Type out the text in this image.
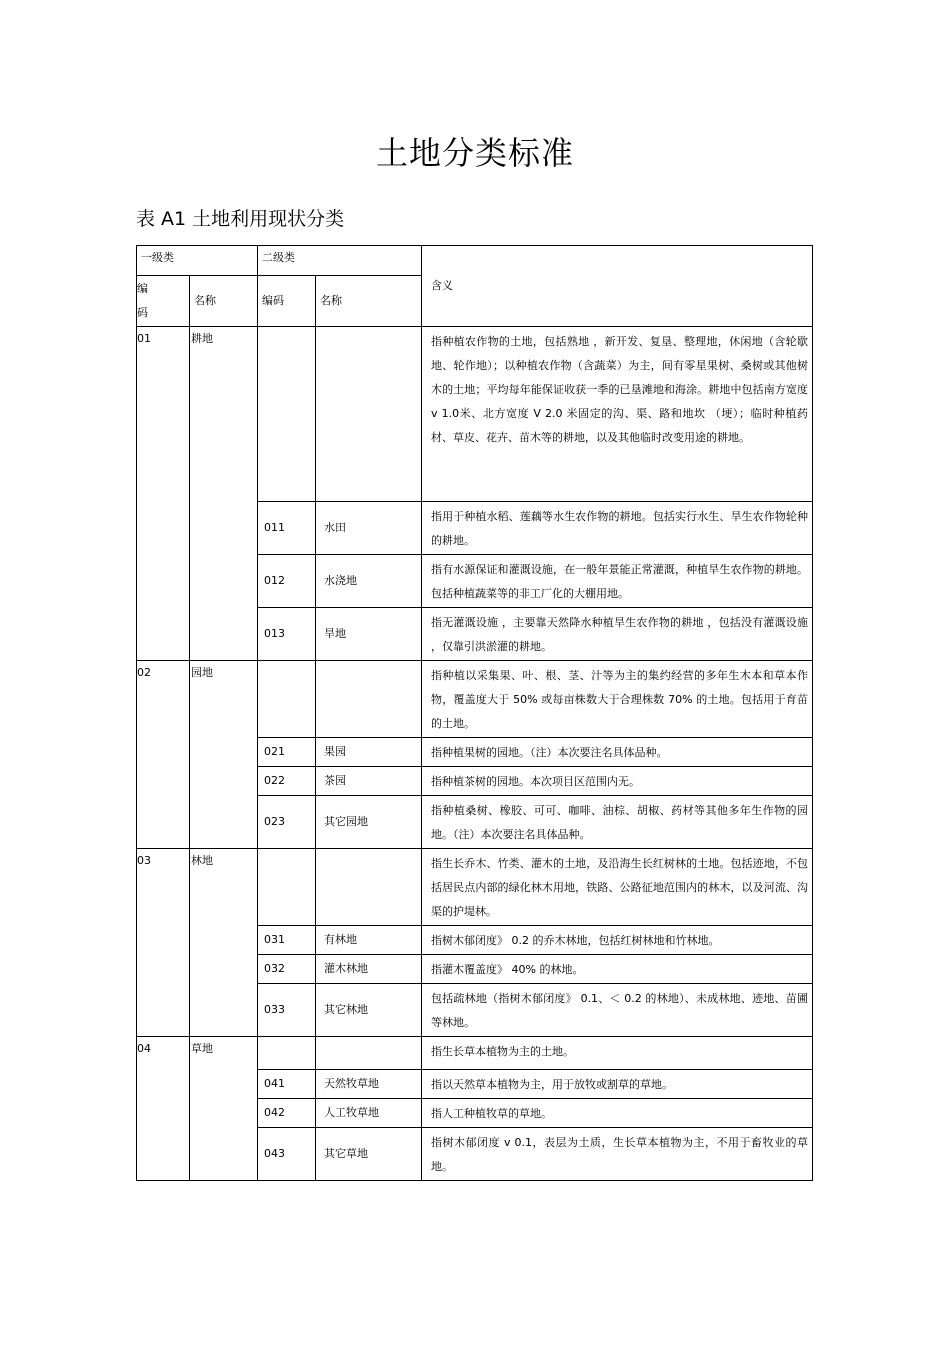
土地分类标准
表 A1 土地利用现状分类
一级类		二级类		含义
编
码	名称	编码	名称	
01	耕地			指种植农作物的土地，包括熟地 ，新开发、复垦、整理地，休闲地（含轮歇地、轮作地）；以种植农作物（含蔬菜）为主，间有零星果树、桑树或其他树木的土地；平均每年能保证收获一季的已垦滩地和海涂。耕地中包括南方宽度 v 1.0米、北方宽度 V 2.0 米固定的沟、渠、路和地坎 （埂）；临时种植药材、草皮、花卉、苗木等的耕地，以及其他临时改变用途的耕地。
		011	水田	指用于种植水稻、莲藕等水生农作物的耕地。包括实行水生、旱生农作物轮种的耕地。
		012	水浇地	指有水源保证和灌溉设施，在一般年景能正常灌溉，种植旱生农作物的耕地。包括种植蔬菜等的非工厂化的大棚用地。
		013	旱地	指无灌溉设施 ，主要靠天然降水种植旱生农作物的耕地 ，包括没有灌溉设施 ，仅靠引洪淤灌的耕地。
02	园地			指种植以采集果、叶、根、茎、汁等为主的集约经营的多年生木本和草本作物，覆盖度大于 50% 或每亩株数大于合理株数 70% 的土地。包括用于育苗的土地。
		021	果园	指种植果树的园地。（注）本次要注名具体品种。
		022	茶园	指种植茶树的园地。本次项目区范围内无。
		023	其它园地	指种植桑树、橡胶、可可、咖啡、油棕、胡椒、药材等其他多年生作物的园地。（注）本次要注名具体品种。
03	林地			指生长乔木、竹类、灌木的土地，及沿海生长红树林的土地。包括迹地，不包括居民点内部的绿化林木用地，铁路、公路征地范围内的林木，以及河流、沟渠的护堤林。
		031	有林地	指树木郁闭度》 0.2 的乔木林地，包括红树林地和竹林地。
		032	灌木林地	指灌木覆盖度》 40% 的林地。
		033	其它林地	包括疏林地（指树木郁闭度》 0.1、＜ 0.2 的林地）、未成林地、迹地、苗圃等林地。
04	草地			指生长草本植物为主的土地。
		041	天然牧草地	指以天然草本植物为主，用于放牧或割草的草地。
		042	人工牧草地	指人工种植牧草的草地。
		043	其它草地	指树木郁闭度 v 0.1，表层为土质，生长草本植物为主，不用于畜牧业的草地。
